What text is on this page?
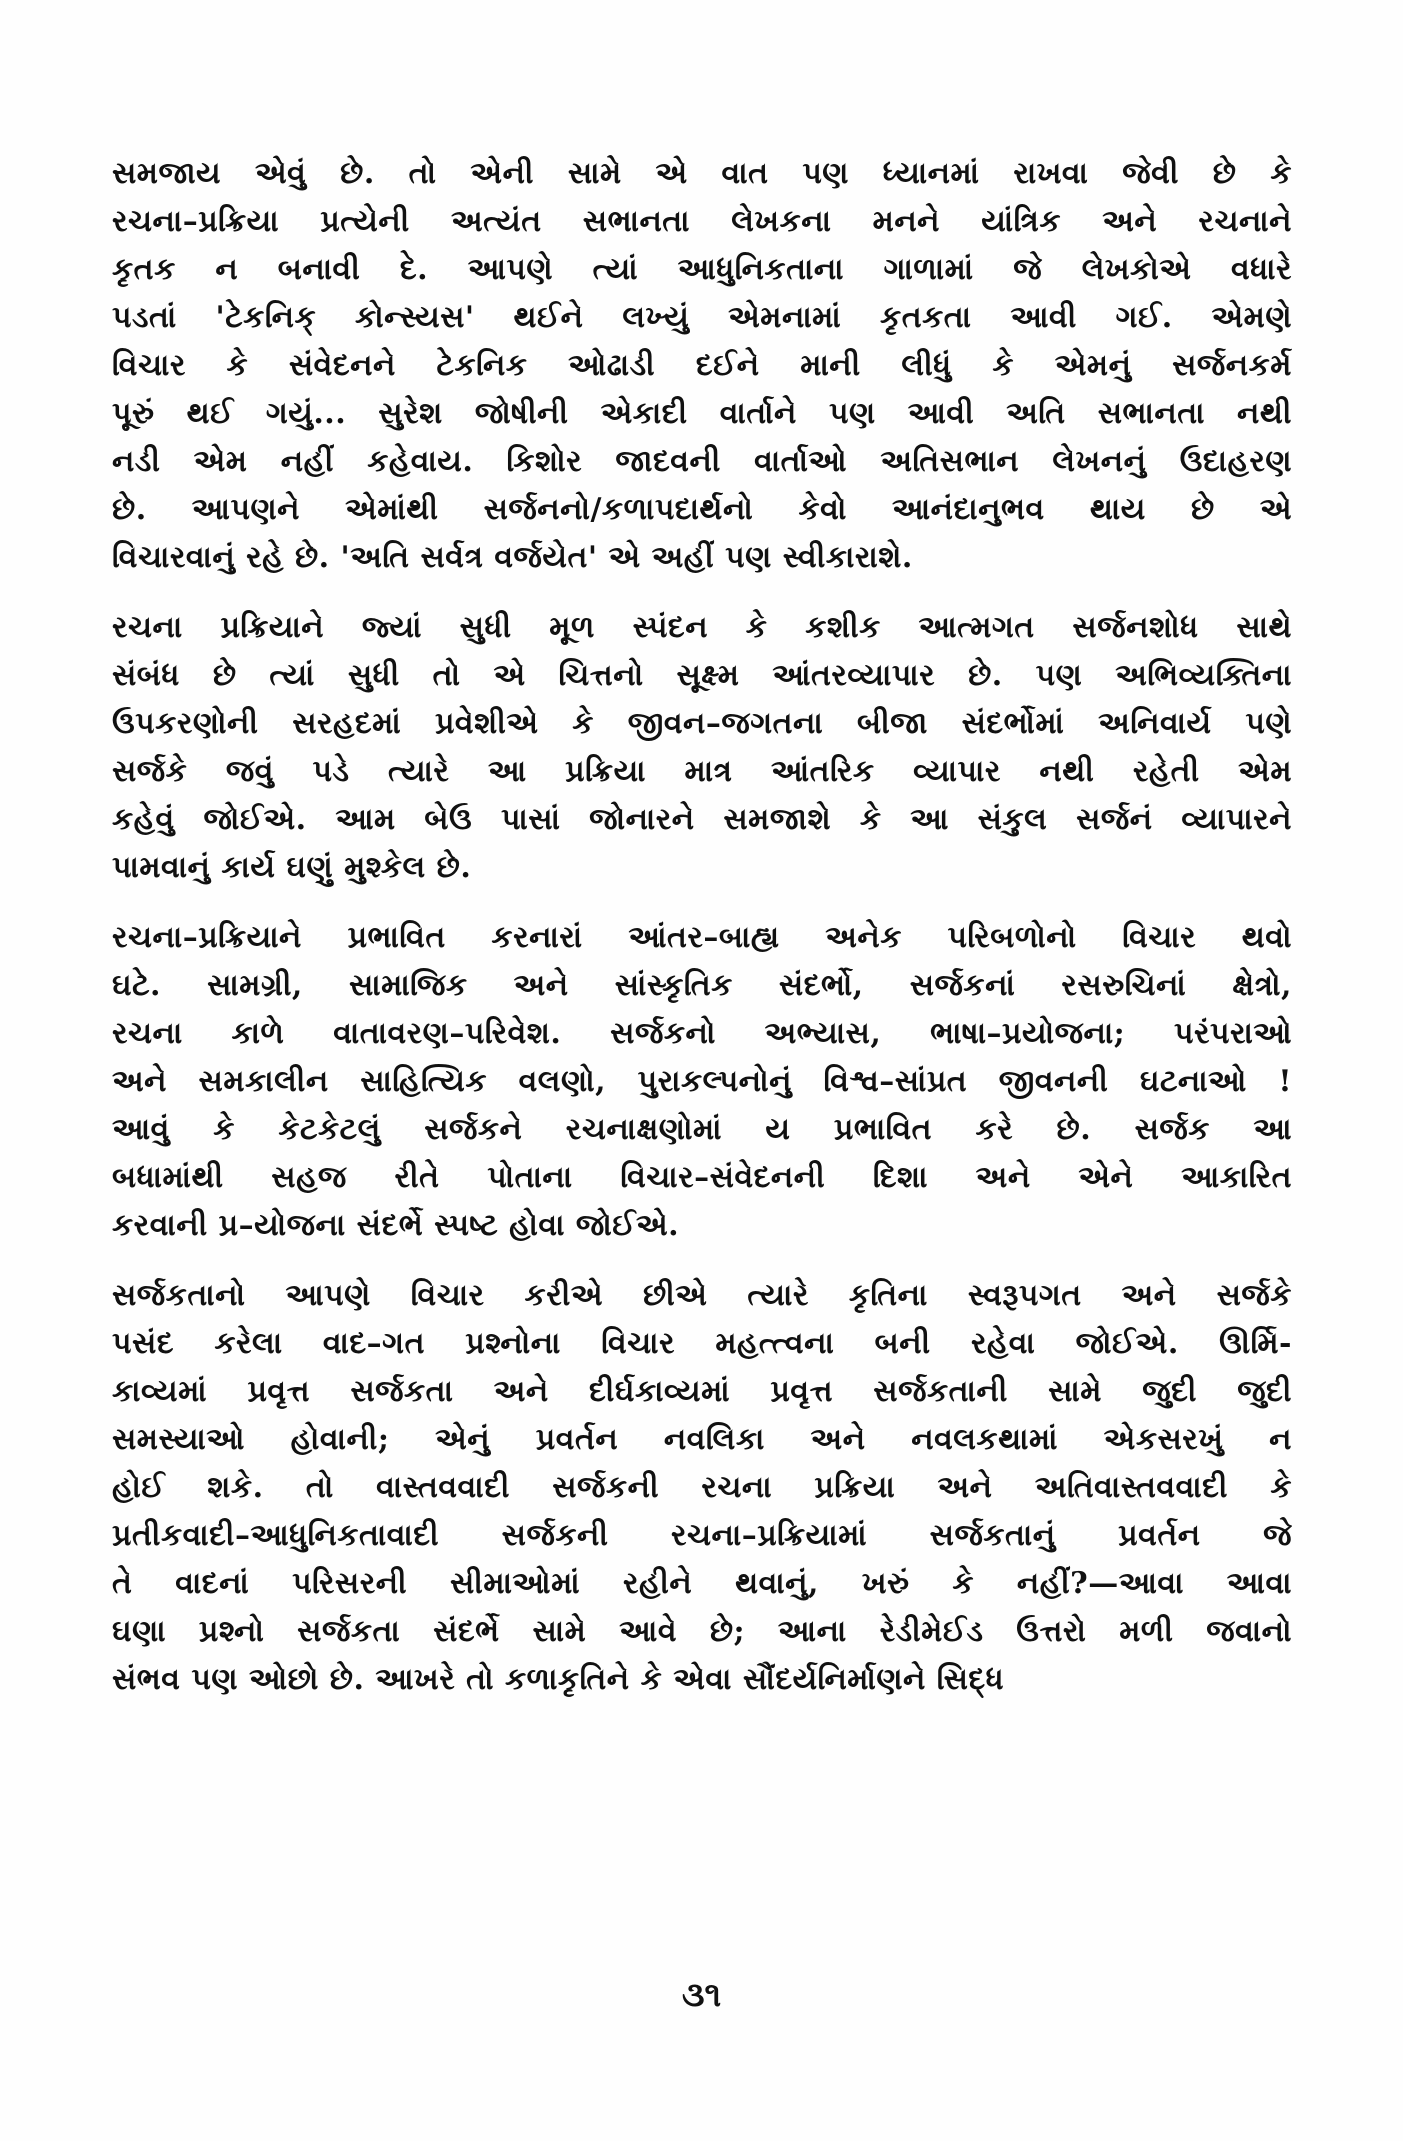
સમજાય એવું છે. તો એની સામે એ વાત પણ ધ્યાનમાં રાખવા જેવી છે કે
રચના–પ્રક્રિયા પ્રત્યેની અત્યંત સભાનતા લેખકના મનને યાંત્રિક અને રચનાને
કૃતક ન બનાવી દે. આપણે ત્યાં આધુનિકતાના ગાળામાં જે લેખકોએ વધારે
પડતાં 'ટેકનિક્ કોન્સ્યસ' થઈને લખ્યું એમનામાં કૃતકતા આવી ગઈ. એમણે
વિચાર કે સંવેદનને ટેકનિક ઓઢાડી દઈને માની લીધું કે એમનું સર્જનકર્મ
પૂરું થઈ ગયું... સુરેશ જોષીની એકાદી વાર્તાને પણ આવી અતિ સભાનતા નથી
નડી એમ નહીં કહેવાય. કિશોર જાદવની વાર્તાઓ અતિસભાન લેખનનું ઉદાહરણ
છે. આપણને એમાંથી સર્જનનો/કળાપદાર્થનો કેવો આનંદાનુભવ થાય છે એ
વિચારવાનું રહે છે. 'અતિ સર્વત્ર વર્જયેત' એ અહીં પણ સ્વીકારાશે.
રચના પ્રક્રિયાને જ્યાં સુધી મૂળ સ્પંદન કે કશીક આત્મગત સર્જનશોધ સાથે
સંબંધ છે ત્યાં સુધી તો એ ચિત્તનો સૂક્ષ્મ આંતરવ્યાપાર છે. પણ અભિવ્યક્તિના
ઉપકરણોની સરહદમાં પ્રવેશીએ કે જીવન–જગતના બીજા સંદર્ભોમાં અનિવાર્ય પણે
સર્જકે જવું પડે ત્યારે આ પ્રક્રિયા માત્ર આંતરિક વ્યાપાર નથી રહેતી એમ
કહેવું જોઈએ. આમ બેઉ પાસાં જોનારને સમજાશે કે આ સંકુલ સર્જનં વ્યાપારને
પામવાનું કાર્ય ઘણું મુશ્કેલ છે.
રચના–પ્રક્રિયાને પ્રભાવિત કરનારાં આંતર–બાહ્ય અનેક પરિબળોનો વિચાર થવો
ઘટે. સામગ્રી, સામાજિક અને સાંસ્કૃતિક સંદર્ભો, સર્જકનાં રસરુચિનાં ક્ષેત્રો,
રચના કાળે વાતાવરણ–પરિવેશ. સર્જકનો અભ્યાસ, ભાષા–પ્રયોજના; પરંપરાઓ
અને સમકાલીન સાહિત્યિક વલણો, પુરાકલ્પનોનું વિશ્વ–સાંપ્રત જીવનની ઘટનાઓ !
આવું કે કેટકેટલું સર્જકને રચનાક્ષણોમાં ય પ્રભાવિત કરે છે. સર્જક આ
બધામાંથી સહજ રીતે પોતાના વિચાર–સંવેદનની દિશા અને એને આકારિત
કરવાની પ્ર–યોજના સંદર્ભે સ્પષ્ટ હોવા જોઈએ.
સર્જકતાનો આપણે વિચાર કરીએ છીએ ત્યારે કૃતિના સ્વરૂપગત અને સર્જકે
પસંદ કરેલા વાદ–ગત પ્રશ્નોના વિચાર મહત્ત્વના બની રહેવા જોઈએ. ઊર્મિ-
કાવ્યમાં પ્રવૃત્ત સર્જકતા અને દીર્ઘકાવ્યમાં પ્રવૃત્ત સર્જકતાની સામે જુદી જુદી
સમસ્યાઓ હોવાની; એનું પ્રવર્તન નવલિકા અને નવલકથામાં એકસરખું ન
હોઈ શકે. તો વાસ્તવવાદી સર્જકની રચના પ્રક્રિયા અને અતિવાસ્તવવાદી કે
પ્રતીકવાદી–આધુનિકતાવાદી સર્જકની રચના–પ્રક્રિયામાં સર્જકતાનું પ્રવર્તન જે
તે વાદનાં પરિસરની સીમાઓમાં રહીને થવાનું, ખરું કે નહીં?—આવા આવા
ઘણા પ્રશ્નો સર્જકતા સંદર્ભે સામે આવે છે; આના રેડીમેઈડ ઉત્તરો મળી જવાનો
સંભવ પણ ઓછો છે. આખરે તો કળાકૃતિને કે એવા સૌંદર્યનિર્માણને સિદ્ધ
૩૧
